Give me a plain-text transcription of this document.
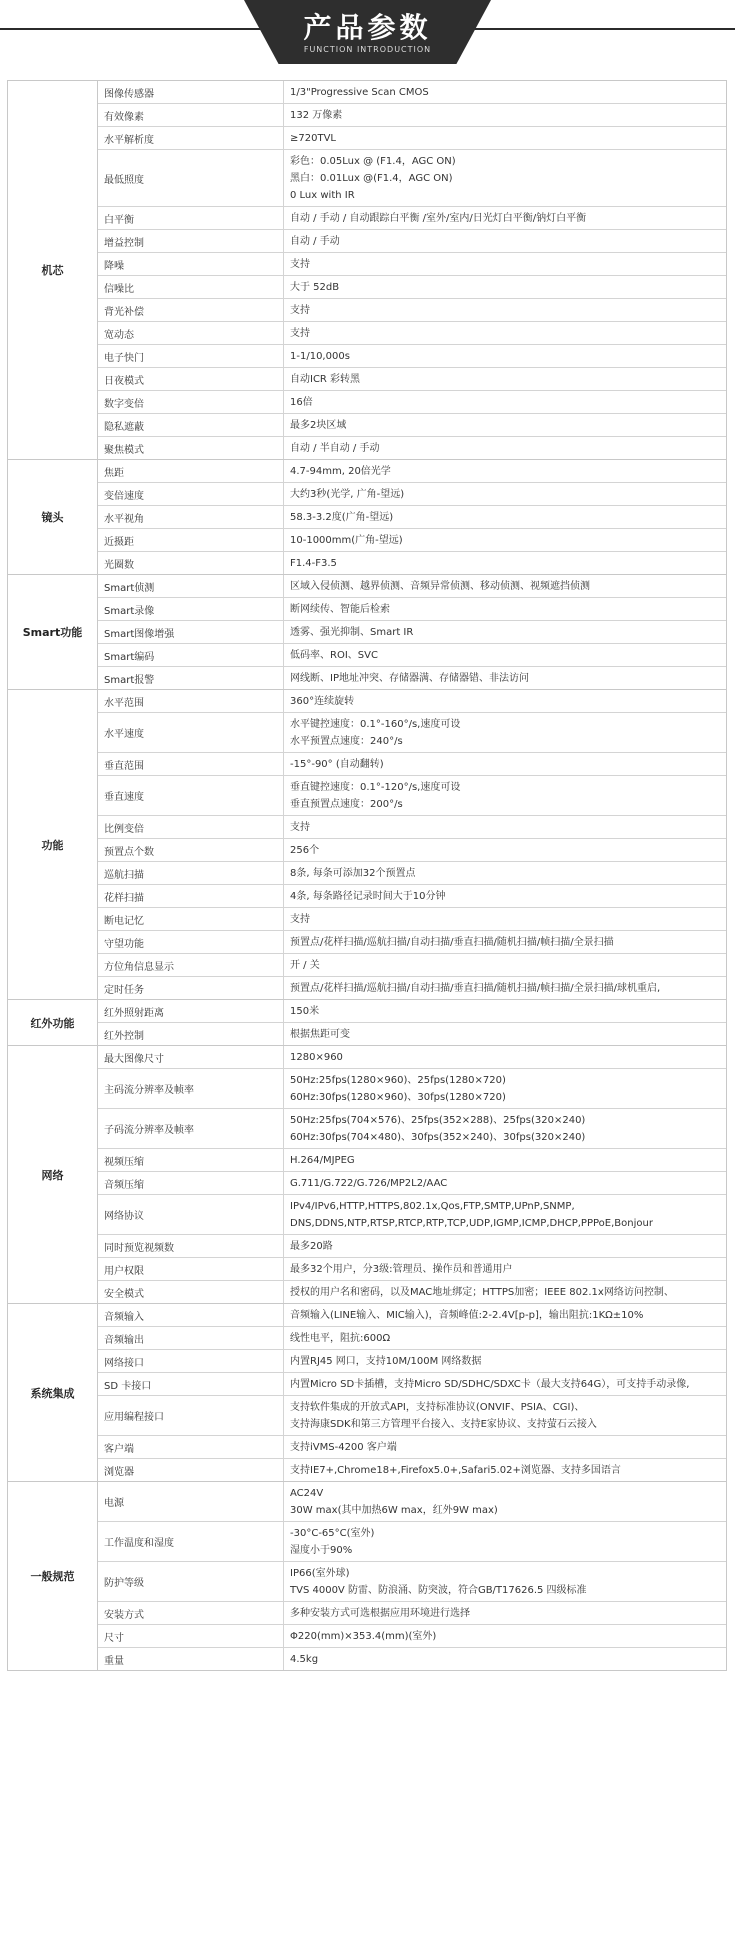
产品参数
FUNCTION INTRODUCTION
机芯
图像传感器	1/3"Progressive Scan CMOS
有效像素	132 万像素
水平解析度	≥720TVL
最低照度
彩色：0.05Lux @ (F1.4，AGC ON)
黑白：0.01Lux @(F1.4，AGC ON)
0 Lux with IR
白平衡	自动 / 手动 / 自动跟踪白平衡 /室外/室内/日光灯白平衡/钠灯白平衡
增益控制	自动 / 手动
降噪	支持
信噪比	大于 52dB
背光补偿	支持
宽动态	支持
电子快门	1-1/10,000s
日夜模式	自动ICR 彩转黑
数字变倍	16倍
隐私遮蔽	最多2块区域
聚焦模式	自动 / 半自动 / 手动
镜头
焦距	4.7-94mm, 20倍光学
变倍速度	大约3秒(光学, 广角-望远)
水平视角	58.3-3.2度(广角-望远)
近摄距	10-1000mm(广角-望远)
光圈数	F1.4-F3.5
Smart功能
Smart侦测	区域入侵侦测、越界侦测、音频异常侦测、移动侦测、视频遮挡侦测
Smart录像	断网续传、智能后检索
Smart图像增强	透雾、强光抑制、Smart IR
Smart编码	低码率、ROI、SVC
Smart报警	网线断、IP地址冲突、存储器满、存储器错、非法访问
功能
水平范围	360°连续旋转
水平速度
水平键控速度：0.1°-160°/s,速度可设
水平预置点速度：240°/s
垂直范围	-15°-90° (自动翻转)
垂直速度
垂直键控速度：0.1°-120°/s,速度可设
垂直预置点速度：200°/s
比例变倍	支持
预置点个数	256个
巡航扫描	8条, 每条可添加32个预置点
花样扫描	4条, 每条路径记录时间大于10分钟
断电记忆	支持
守望功能	预置点/花样扫描/巡航扫描/自动扫描/垂直扫描/随机扫描/帧扫描/全景扫描
方位角信息显示	开 / 关
定时任务	预置点/花样扫描/巡航扫描/自动扫描/垂直扫描/随机扫描/帧扫描/全景扫描/球机重启,
红外功能
红外照射距离	150米
红外控制	根据焦距可变
网络
最大图像尺寸	1280×960
主码流分辨率及帧率
50Hz:25fps(1280×960)、25fps(1280×720)
60Hz:30fps(1280×960)、30fps(1280×720)
子码流分辨率及帧率
50Hz:25fps(704×576)、25fps(352×288)、25fps(320×240)
60Hz:30fps(704×480)、30fps(352×240)、30fps(320×240)
视频压缩	H.264/MJPEG
音频压缩	G.711/G.722/G.726/MP2L2/AAC
网络协议
IPv4/IPv6,HTTP,HTTPS,802.1x,Qos,FTP,SMTP,UPnP,SNMP,
DNS,DDNS,NTP,RTSP,RTCP,RTP,TCP,UDP,IGMP,ICMP,DHCP,PPPoE,Bonjour
同时预览视频数	最多20路
用户权限	最多32个用户，分3级:管理员、操作员和普通用户
安全模式	授权的用户名和密码，以及MAC地址绑定；HTTPS加密；IEEE 802.1x网络访问控制、
系统集成
音频输入	音频输入(LINE输入、MIC输入)，音频峰值:2-2.4V[p-p]，输出阻抗:1KΩ±10%
音频输出	线性电平，阻抗:600Ω
网络接口	内置RJ45 网口，支持10M/100M 网络数据
SD 卡接口	内置Micro SD卡插槽，支持Micro SD/SDHC/SDXC卡（最大支持64G），可支持手动录像,
应用编程接口
支持软件集成的开放式API，支持标准协议(ONVIF、PSIA、CGI)、
支持海康SDK和第三方管理平台接入、支持E家协议、支持萤石云接入
客户端	支持iVMS-4200 客户端
浏览器	支持IE7+,Chrome18+,Firefox5.0+,Safari5.02+浏览器、支持多国语言
一般规范
电源
AC24V
30W max(其中加热6W max，红外9W max)
工作温度和湿度
-30°C-65°C(室外)
湿度小于90%
防护等级
IP66(室外球)
TVS 4000V 防雷、防浪涌、防突波，符合GB/T17626.5 四级标准
安装方式	多种安装方式可选根据应用环境进行选择
尺寸	Φ220(mm)×353.4(mm)(室外)
重量	4.5kg
